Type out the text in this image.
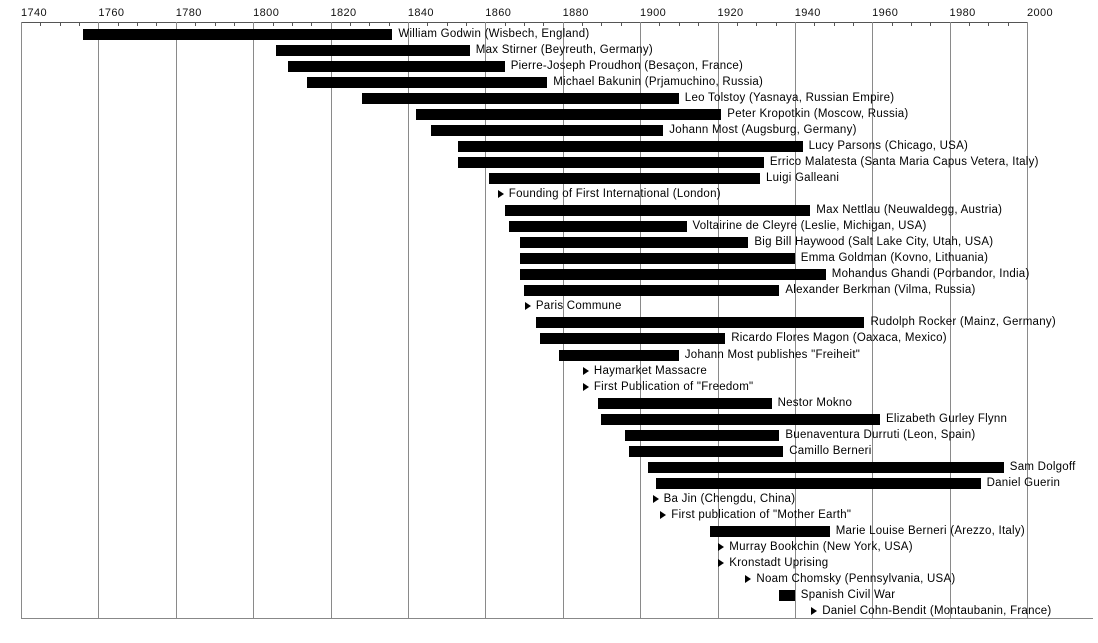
1740	1760	1780	1800	1820	1840	1860	1880	1900	1920	1940	1960	1980	2000
William Godwin (Wisbech, England)
Max Stirner (Beyreuth, Germany)
Pierre-Joseph Proudhon (Besaçon, France)
Michael Bakunin (Prjamuchino, Russia)
Leo Tolstoy (Yasnaya, Russian Empire)
Peter Kropotkin (Moscow, Russia)
Johann Most (Augsburg, Germany)
Lucy Parsons (Chicago, USA)
Errico Malatesta (Santa Maria Capus Vetera, Italy)
Luigi Galleani
Founding of First International (London)
Max Nettlau (Neuwaldegg, Austria)
Voltairine de Cleyre (Leslie, Michigan, USA)
Big Bill Haywood (Salt Lake City, Utah, USA)
Emma Goldman (Kovno, Lithuania)
Mohandus Ghandi (Porbandor, India)
Alexander Berkman (Vilma, Russia)
Paris Commune
Rudolph Rocker (Mainz, Germany)
Ricardo Flores Magon (Oaxaca, Mexico)
Johann Most publishes "Freiheit"
Haymarket Massacre
First Publication of "Freedom"
Nestor Mokno
Elizabeth Gurley Flynn
Buenaventura Durruti (Leon, Spain)
Camillo Berneri
Sam Dolgoff
Daniel Guerin
Ba Jin (Chengdu, China)
First publication of "Mother Earth"
Marie Louise Berneri (Arezzo, Italy)
Murray Bookchin (New York, USA)
Kronstadt Uprising
Noam Chomsky (Pennsylvania, USA)
Spanish Civil War
Daniel Cohn-Bendit (Montaubanin, France)
